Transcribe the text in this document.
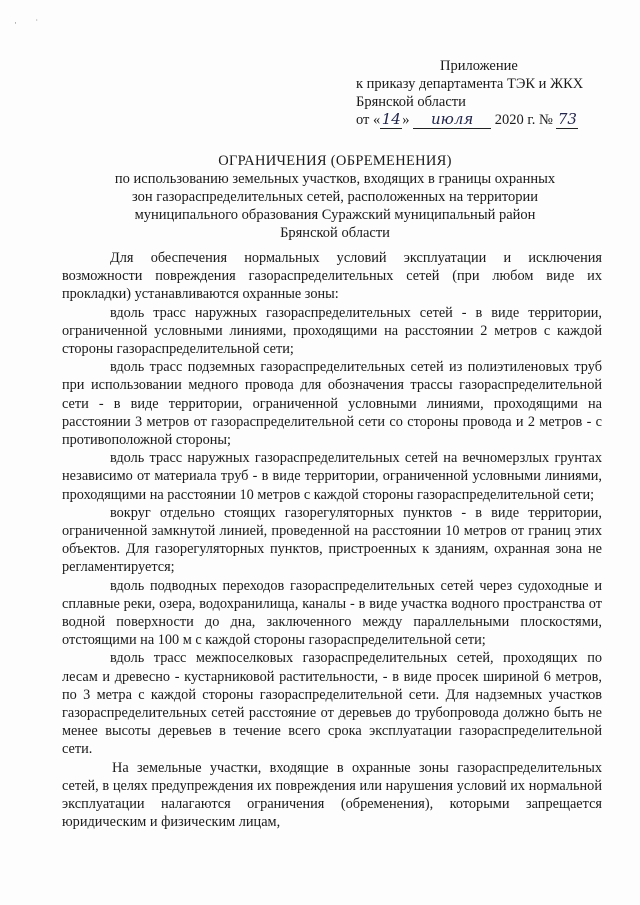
· ˙
Приложение
к приказу департамента ТЭК и ЖКХ
Брянской области
от «14» июля 2020 г. № 73
ОГРАНИЧЕНИЯ (ОБРЕМЕНЕНИЯ)
по использованию земельных участков, входящих в границы охранных
зон газораспределительных сетей, расположенных на территории
муниципального образования Суражский муниципальный район
Брянской области

Для обеспечения нормальных условий эксплуатации и исключения возможности повреждения газораспределительных сетей (при любом виде их прокладки) устанавливаются охранные зоны:

вдоль трасс наружных газораспределительных сетей - в виде территории, ограниченной условными линиями, проходящими на расстоянии 2 метров с каждой стороны газораспределительной сети;

вдоль трасс подземных газораспределительных сетей из полиэтиленовых труб при использовании медного провода для обозначения трассы газораспределительной сети - в виде территории, ограниченной условными линиями, проходящими на расстоянии 3 метров от газораспределительной сети со стороны провода и 2 метров - с противоположной стороны;

вдоль трасс наружных газораспределительных сетей на вечномерзлых грунтах независимо от материала труб - в виде территории, ограниченной условными линиями, проходящими на расстоянии 10 метров с каждой стороны газораспределительной сети;

вокруг отдельно стоящих газорегуляторных пунктов - в виде территории, ограниченной замкнутой линией, проведенной на расстоянии 10 метров от границ этих объектов. Для газорегуляторных пунктов, пристроенных к зданиям, охранная зона не регламентируется;

вдоль подводных переходов газораспределительных сетей через судоходные и сплавные реки, озера, водохранилища, каналы - в виде участка водного пространства от водной поверхности до дна, заключенного между параллельными плоскостями, отстоящими на 100 м с каждой стороны газораспределительной сети;

вдоль трасс межпоселковых газораспределительных сетей, проходящих по лесам и древесно - кустарниковой растительности, - в виде просек шириной 6 метров, по 3 метра с каждой стороны газораспределительной сети. Для надземных участков газораспределительных сетей расстояние от деревьев до трубопровода должно быть не менее высоты деревьев в течение всего срока эксплуатации газораспределительной сети.

На земельные участки, входящие в охранные зоны газораспределительных сетей, в целях предупреждения их повреждения или нарушения условий их нормальной эксплуатации налагаются ограничения (обременения), которыми запрещается юридическим и физическим лицам,
